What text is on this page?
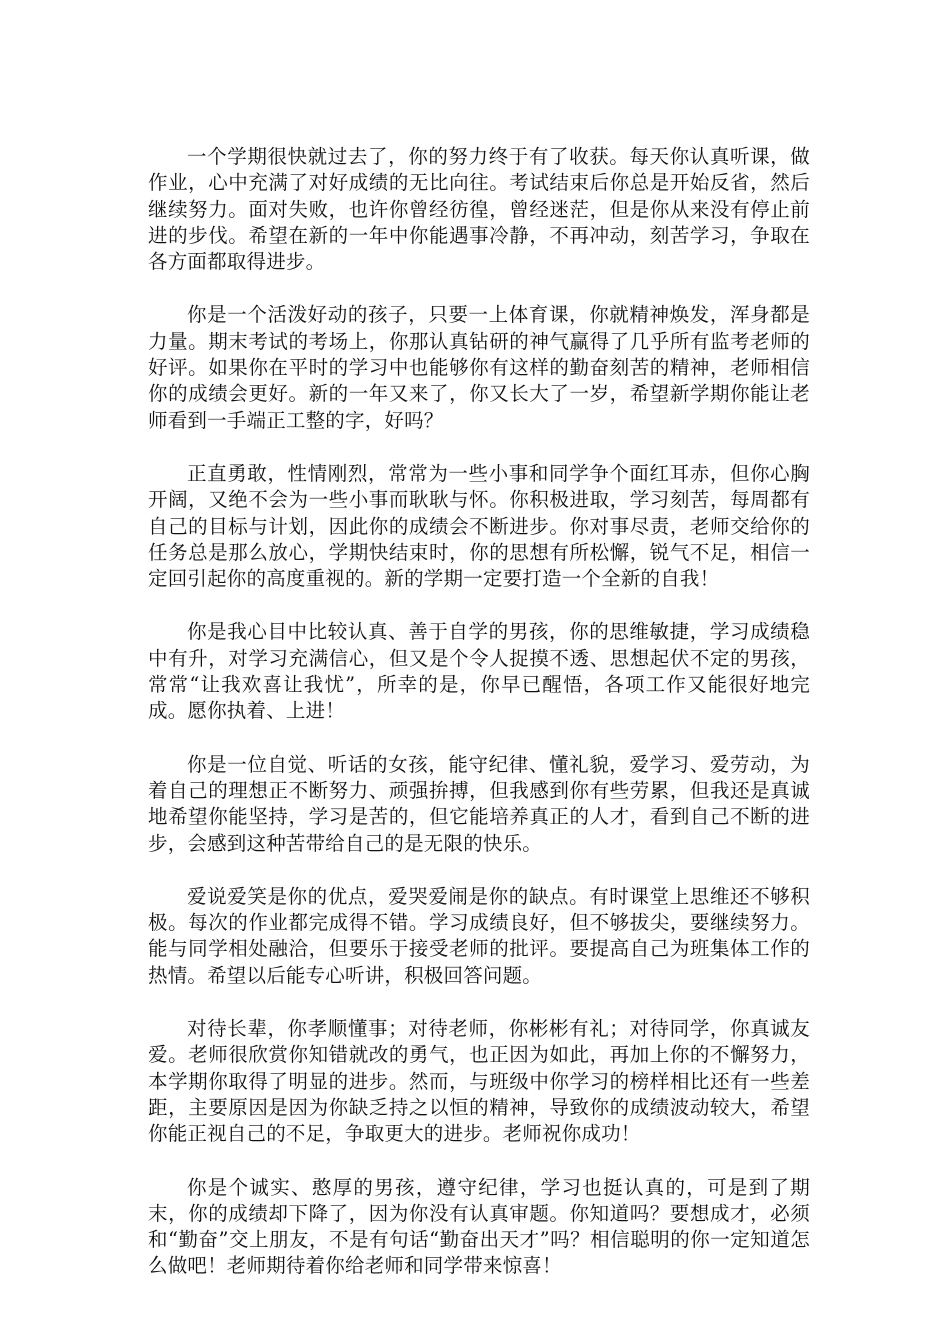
一个学期很快就过去了，你的努力终于有了收获。每天你认真听课，做作业，心中充满了对好成绩的无比向往。考试结束后你总是开始反省，然后继续努力。面对失败，也许你曾经彷徨，曾经迷茫，但是你从来没有停止前进的步伐。希望在新的一年中你能遇事冷静，不再冲动，刻苦学习，争取在各方面都取得进步。

你是一个活泼好动的孩子，只要一上体育课，你就精神焕发，浑身都是力量。期末考试的考场上，你那认真钻研的神气赢得了几乎所有监考老师的好评。如果你在平时的学习中也能够你有这样的勤奋刻苦的精神，老师相信你的成绩会更好。新的一年又来了，你又长大了一岁，希望新学期你能让老师看到一手端正工整的字，好吗？

正直勇敢，性情刚烈，常常为一些小事和同学争个面红耳赤，但你心胸开阔，又绝不会为一些小事而耿耿与怀。你积极进取，学习刻苦，每周都有自己的目标与计划，因此你的成绩会不断进步。你对事尽责，老师交给你的任务总是那么放心，学期快结束时，你的思想有所松懈，锐气不足，相信一定回引起你的高度重视的。新的学期一定要打造一个全新的自我！

你是我心目中比较认真、善于自学的男孩，你的思维敏捷，学习成绩稳中有升，对学习充满信心，但又是个令人捉摸不透、思想起伏不定的男孩，常常“让我欢喜让我忧”，所幸的是，你早已醒悟，各项工作又能很好地完成。愿你执着、上进！

你是一位自觉、听话的女孩，能守纪律、懂礼貌，爱学习、爱劳动，为着自己的理想正不断努力、顽强拚搏，但我感到你有些劳累，但我还是真诚地希望你能坚持，学习是苦的，但它能培养真正的人才，看到自己不断的进步，会感到这种苦带给自己的是无限的快乐。

爱说爱笑是你的优点，爱哭爱闹是你的缺点。有时课堂上思维还不够积极。每次的作业都完成得不错。学习成绩良好，但不够拔尖，要继续努力。能与同学相处融洽，但要乐于接受老师的批评。要提高自己为班集体工作的热情。希望以后能专心听讲，积极回答问题。

对待长辈，你孝顺懂事；对待老师，你彬彬有礼；对待同学，你真诚友爱。老师很欣赏你知错就改的勇气，也正因为如此，再加上你的不懈努力，本学期你取得了明显的进步。然而，与班级中你学习的榜样相比还有一些差距，主要原因是因为你缺乏持之以恒的精神，导致你的成绩波动较大，希望你能正视自己的不足，争取更大的进步。老师祝你成功！

你是个诚实、憨厚的男孩，遵守纪律，学习也挺认真的，可是到了期末，你的成绩却下降了，因为你没有认真审题。你知道吗？要想成才，必须和“勤奋”交上朋友，不是有句话“勤奋出天才”吗？相信聪明的你一定知道怎么做吧！老师期待着你给老师和同学带来惊喜！
